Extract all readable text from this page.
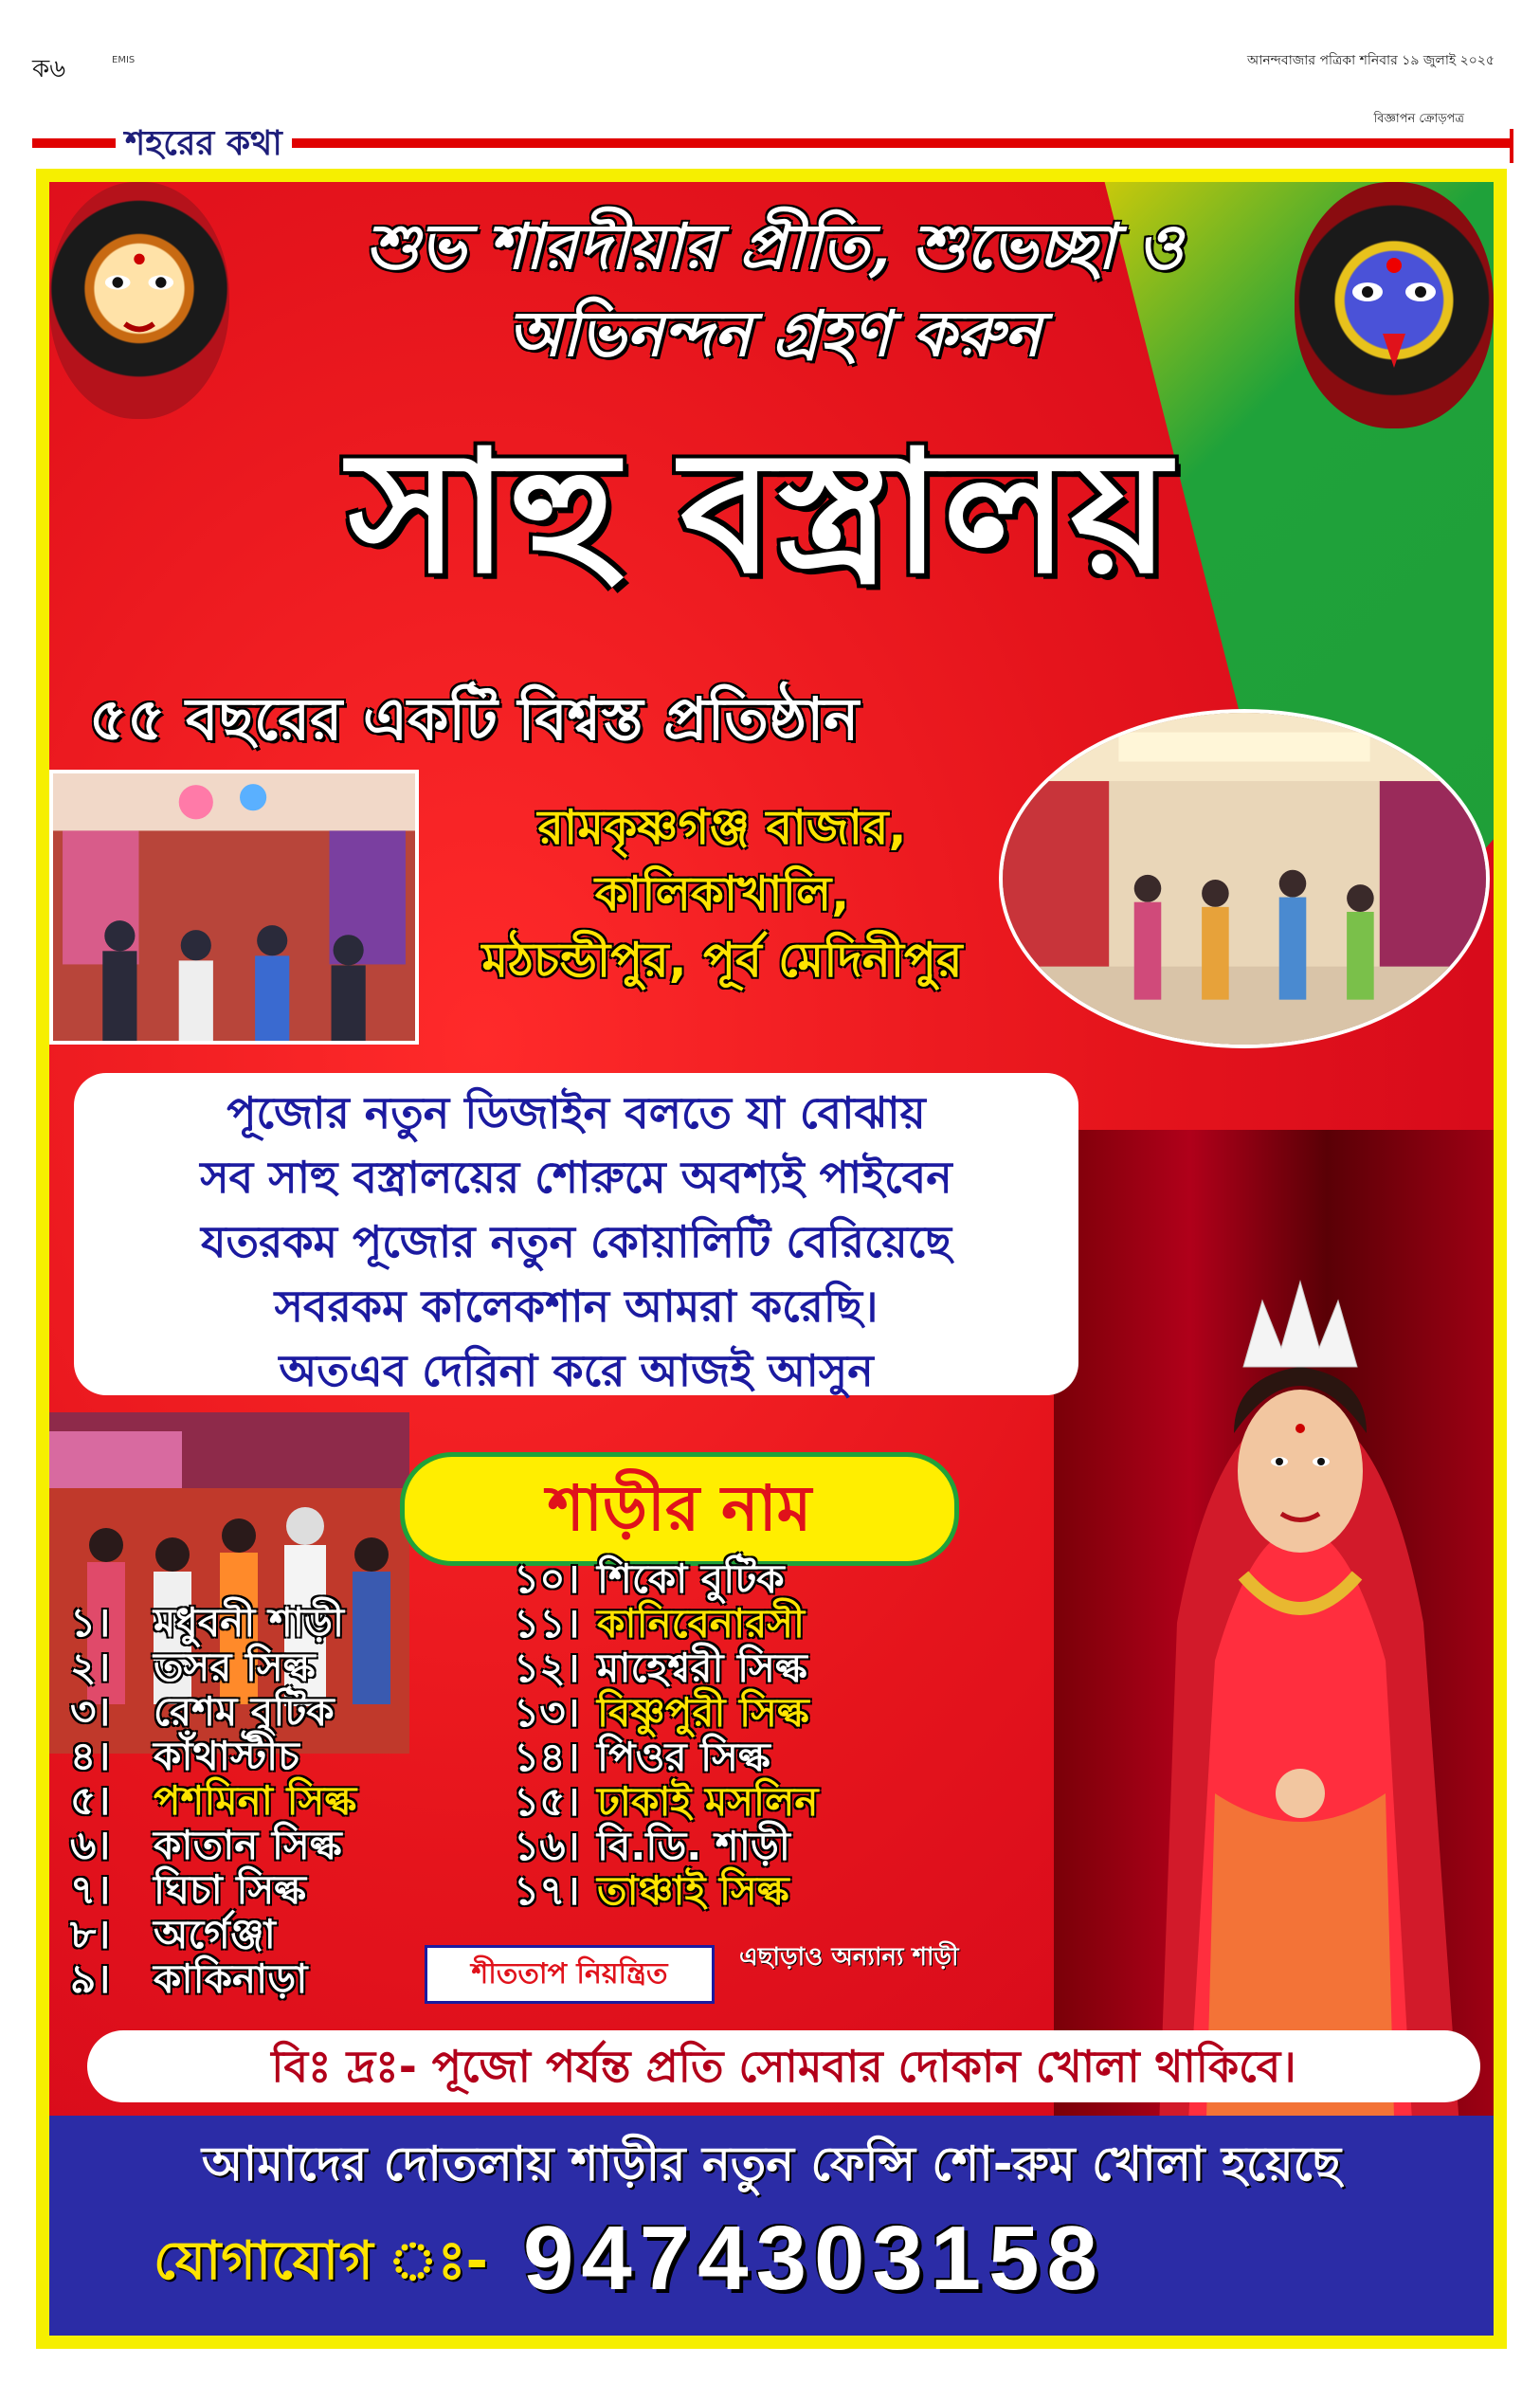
ক৬	EMIS	আনন্দবাজার পত্রিকা শনিবার ১৯ জুলাই ২০২৫
বিজ্ঞাপন ক্রোড়পত্র
শহরের কথা
শুভ শারদীয়ার প্রীতি, শুভেচ্ছা ও
অভিনন্দন গ্রহণ করুন
সাহু বস্ত্রালয়
৫৫ বছরের একটি বিশ্বস্ত প্রতিষ্ঠান
রামকৃষ্ণগঞ্জ বাজার,
কালিকাখালি,
মঠচন্ডীপুর, পূর্ব মেদিনীপুর
পূজোর নতুন ডিজাইন বলতে যা বোঝায়
সব সাহু বস্ত্রালয়ের শোরুমে অবশ্যই পাইবেন
যতরকম পূজোর নতুন কোয়ালিটি বেরিয়েছে
সবরকম কালেকশান আমরা করেছি।
অতএব দেরিনা করে আজই আসুন
শাড়ীর নাম
১। মধুবনী শাড়ী
২। তসর সিল্ক
৩। রেশম বুটিক
৪। কাঁথাস্টীচ
৫। পশমিনা সিল্ক
৬। কাতান সিল্ক
৭। ঘিচা সিল্ক
৮। অর্গেঞ্জা
৯। কাকিনাড়া
১০। শিকো বুটিক
১১। কানিবেনারসী
১২। মাহেশ্বরী সিল্ক
১৩। বিষ্ণুপুরী সিল্ক
১৪। পিওর সিল্ক
১৫। ঢাকাই মসলিন
১৬। বি.ডি. শাড়ী
১৭। তাঞ্চাই সিল্ক
শীততাপ নিয়ন্ত্রিত	এছাড়াও অন্যান্য শাড়ী
বিঃ দ্রঃ- পূজো পর্যন্ত প্রতি সোমবার দোকান খোলা থাকিবে।
আমাদের দোতলায় শাড়ীর নতুন ফেন্সি শো-রুম খোলা হয়েছে
যোগাযোগ ঃ- 9474303158
